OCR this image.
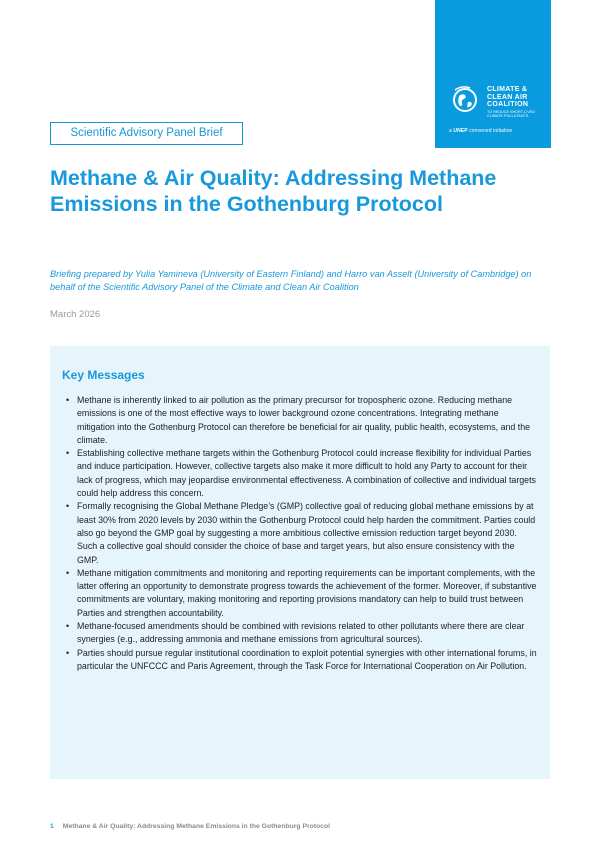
CLIMATE &
CLEAN AIR
COALITION
TO REDUCE SHORT-LIVED
CLIMATE POLLUTANTS
a UNEP convened initiative
Scientific Advisory Panel Brief
Methane & Air Quality: Addressing Methane Emissions in the Gothenburg Protocol

Briefing prepared by Yulia Yamineva (University of Eastern Finland) and Harro van Asselt (University of Cambridge) on behalf of the Scientific Advisory Panel of the Climate and Clean Air Coalition

March 2026
Key Messages
• Methane is inherently linked to air pollution as the primary precursor for tropospheric ozone. Reducing methane emissions is one of the most effective ways to lower background ozone concentrations. Integrating methane mitigation into the Gothenburg Protocol can therefore be beneficial for air quality, public health, ecosystems, and the climate.
• Establishing collective methane targets within the Gothenburg Protocol could increase flexibility for individual Parties and induce participation. However, collective targets also make it more difficult to hold any Party to account for their lack of progress, which may jeopardise environmental effectiveness. A combination of collective and individual targets could help address this concern.
• Formally recognising the Global Methane Pledge’s (GMP) collective goal of reducing global methane emissions by at least 30% from 2020 levels by 2030 within the Gothenburg Protocol could help harden the commitment. Parties could also go beyond the GMP goal by suggesting a more ambitious collective emission reduction target beyond 2030. Such a collective goal should consider the choice of base and target years, but also ensure consistency with the GMP.
• Methane mitigation commitments and monitoring and reporting requirements can be important complements, with the latter offering an opportunity to demonstrate progress towards the achievement of the former. Moreover, if substantive commitments are voluntary, making monitoring and reporting provisions mandatory can help to build trust between Parties and strengthen accountability.
• Methane-focused amendments should be combined with revisions related to other pollutants where there are clear synergies (e.g., addressing ammonia and methane emissions from agricultural sources).
• Parties should pursue regular institutional coordination to exploit potential synergies with other international forums, in particular the UNFCCC and Paris Agreement, through the Task Force for International Cooperation on Air Pollution.
1 Methane & Air Quality: Addressing Methane Emissions in the Gothenburg Protocol
